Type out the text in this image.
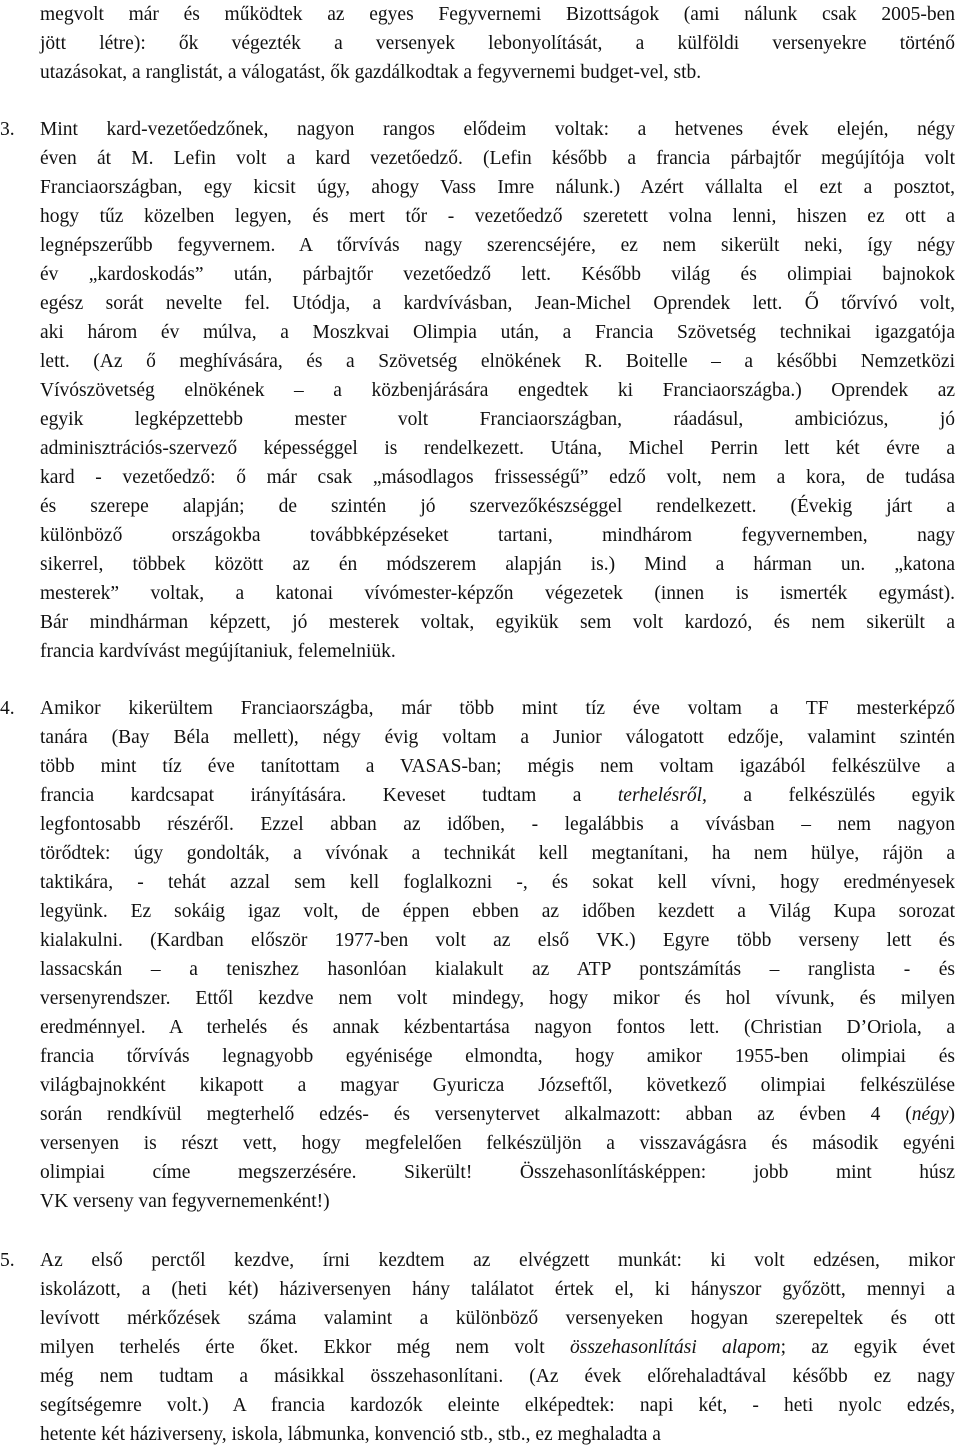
megvolt már és működtek az egyes Fegyvernemi Bizottságok (ami nálunk csak 2005-ben
jött létre): ők végezték a versenyek lebonyolítását, a külföldi versenyekre történő
utazásokat, a ranglistát, a válogatást, ők gazdálkodtak a fegyvernemi budget-vel, stb.
3.	Mint kard-vezetőedzőnek, nagyon rangos elődeim voltak: a hetvenes évek elején, négy
éven át M. Lefin volt a kard vezetőedző. (Lefin később a francia párbajtőr megújítója volt
Franciaországban, egy kicsit úgy, ahogy Vass Imre nálunk.) Azért vállalta el ezt a posztot,
hogy tűz közelben legyen, és mert tőr - vezetőedző szeretett volna lenni, hiszen ez ott a
legnépszerűbb fegyvernem. A tőrvívás nagy szerencséjére, ez nem sikerült neki, így négy
év „kardoskodás” után, párbajtőr vezetőedző lett. Később világ és olimpiai bajnokok
egész sorát nevelte fel. Utódja, a kardvívásban, Jean-Michel Oprendek lett. Ő tőrvívó volt,
aki három év múlva, a Moszkvai Olimpia után, a Francia Szövetség technikai igazgatója
lett. (Az ő meghívására, és a Szövetség elnökének R. Boitelle – a későbbi Nemzetközi
Vívószövetség elnökének – a közbenjárására engedtek ki Franciaországba.) Oprendek az
egyik legképzettebb mester volt Franciaországban, ráadásul, ambiciózus, jó
adminisztrációs-szervező képességgel is rendelkezett. Utána, Michel Perrin lett két évre a
kard - vezetőedző: ő már csak „másodlagos frissességű” edző volt, nem a kora, de tudása
és szerepe alapján; de szintén jó szervezőkészséggel rendelkezett. (Évekig járt a
különböző országokba továbbképzéseket tartani, mindhárom fegyvernemben, nagy
sikerrel, többek között az én módszerem alapján is.) Mind a hárman un. „katona
mesterek” voltak, a katonai vívómester-képzőn végezetek (innen is ismerték egymást).
Bár mindhárman képzett, jó mesterek voltak, egyikük sem volt kardozó, és nem sikerült a
francia kardvívást megújítaniuk, felemelniük.
4.	Amikor kikerültem Franciaországba, már több mint tíz éve voltam a TF mesterképző
tanára (Bay Béla mellett), négy évig voltam a Junior válogatott edzője, valamint szintén
több mint tíz éve tanítottam a VASAS-ban; mégis nem voltam igazából felkészülve a
francia kardcsapat irányítására. Keveset tudtam a terhelésről, a felkészülés egyik
legfontosabb részéről. Ezzel abban az időben, - legalábbis a vívásban – nem nagyon
törődtek: úgy gondolták, a vívónak a technikát kell megtanítani, ha nem hülye, rájön a
taktikára, - tehát azzal sem kell foglalkozni -, és sokat kell vívni, hogy eredményesek
legyünk. Ez sokáig igaz volt, de éppen ebben az időben kezdett a Világ Kupa sorozat
kialakulni. (Kardban először 1977-ben volt az első VK.) Egyre több verseny lett és
lassacskán – a teniszhez hasonlóan kialakult az ATP pontszámítás – ranglista - és
versenyrendszer. Ettől kezdve nem volt mindegy, hogy mikor és hol vívunk, és milyen
eredménnyel. A terhelés és annak kézbentartása nagyon fontos lett. (Christian D’Oriola, a
francia tőrvívás legnagyobb egyénisége elmondta, hogy amikor 1955-ben olimpiai és
világbajnokként kikapott a magyar Gyuricza Józseftől, következő olimpiai felkészülése
során rendkívül megterhelő edzés- és versenytervet alkalmazott: abban az évben 4 (négy)
versenyen is részt vett, hogy megfelelően felkészüljön a visszavágásra és második egyéni
olimpiai címe megszerzésére. Sikerült! Összehasonlításképpen: jobb mint húsz
VK verseny van fegyvernemenként!)
5.	Az első perctől kezdve, írni kezdtem az elvégzett munkát: ki volt edzésen, mikor
iskolázott, a (heti két) háziversenyen hány találatot értek el, ki hányszor győzött, mennyi a
levívott mérkőzések száma valamint a különböző versenyeken hogyan szerepeltek és ott
milyen terhelés érte őket. Ekkor még nem volt összehasonlítási alapom; az egyik évet
még nem tudtam a másikkal összehasonlítani. (Az évek előrehaladtával később ez nagy
segítségemre volt.) A francia kardozók eleinte elképedtek: napi két, - heti nyolc edzés,
hetente két háziverseny, iskola, lábmunka, konvenció stb., stb., ez meghaladta a
